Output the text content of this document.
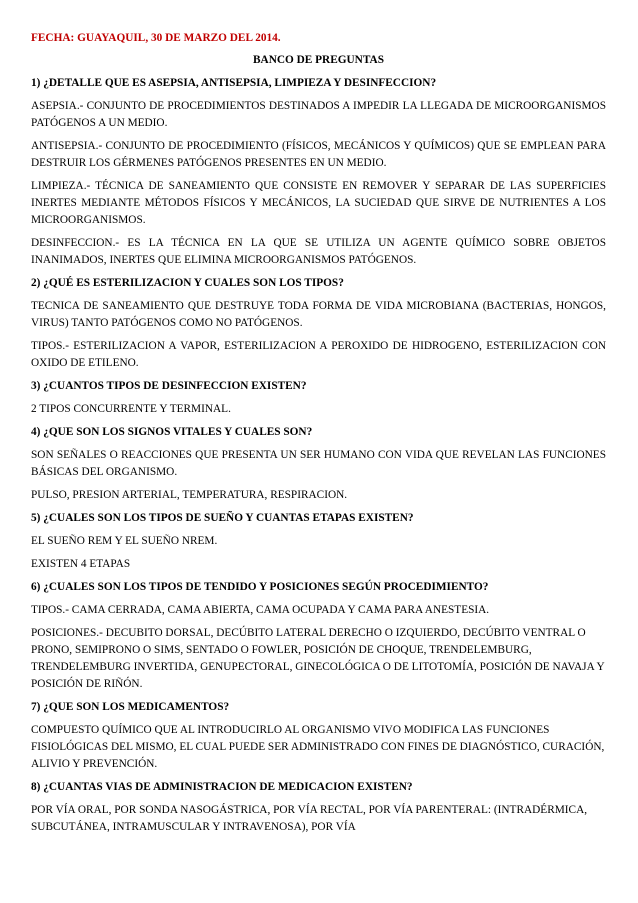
FECHA: GUAYAQUIL, 30 DE MARZO DEL 2014.

BANCO DE PREGUNTAS

1) ¿DETALLE QUE ES ASEPSIA, ANTISEPSIA, LIMPIEZA Y DESINFECCION?

ASEPSIA.- CONJUNTO DE PROCEDIMIENTOS DESTINADOS A IMPEDIR LA LLEGADA DE MICROORGANISMOS PATÓGENOS A UN MEDIO.

ANTISEPSIA.- CONJUNTO DE PROCEDIMIENTO (FÍSICOS, MECÁNICOS Y QUÍMICOS) QUE SE EMPLEAN PARA DESTRUIR LOS GÉRMENES PATÓGENOS PRESENTES EN UN MEDIO.

LIMPIEZA.- TÉCNICA DE SANEAMIENTO QUE CONSISTE EN REMOVER Y SEPARAR DE LAS SUPERFICIES INERTES MEDIANTE MÉTODOS FÍSICOS Y MECÁNICOS, LA SUCIEDAD QUE SIRVE DE NUTRIENTES A LOS MICROORGANISMOS.

DESINFECCION.- ES LA TÉCNICA EN LA QUE SE UTILIZA UN AGENTE QUÍMICO SOBRE OBJETOS INANIMADOS, INERTES QUE ELIMINA MICROORGANISMOS PATÓGENOS.

2) ¿QUÉ ES ESTERILIZACION Y CUALES SON LOS TIPOS?

TECNICA DE SANEAMIENTO QUE DESTRUYE TODA FORMA DE VIDA MICROBIANA (BACTERIAS, HONGOS, VIRUS) TANTO PATÓGENOS COMO NO PATÓGENOS.

TIPOS.- ESTERILIZACION A VAPOR, ESTERILIZACION A PEROXIDO DE HIDROGENO, ESTERILIZACION CON OXIDO DE ETILENO.

3) ¿CUANTOS TIPOS DE DESINFECCION EXISTEN?

2 TIPOS CONCURRENTE Y TERMINAL.

4) ¿QUE SON LOS SIGNOS VITALES Y CUALES SON?

SON SEÑALES O REACCIONES QUE PRESENTA UN SER HUMANO CON VIDA QUE REVELAN LAS FUNCIONES BÁSICAS DEL ORGANISMO.

PULSO, PRESION ARTERIAL, TEMPERATURA, RESPIRACION.

5) ¿CUALES SON LOS TIPOS DE SUEÑO Y CUANTAS ETAPAS EXISTEN?

EL SUEÑO REM Y EL SUEÑO NREM.

EXISTEN 4 ETAPAS

6) ¿CUALES SON LOS TIPOS DE TENDIDO Y POSICIONES SEGÚN PROCEDIMIENTO?

TIPOS.- CAMA CERRADA, CAMA ABIERTA, CAMA OCUPADA Y CAMA PARA ANESTESIA.

POSICIONES.- DECUBITO DORSAL, DECÚBITO LATERAL DERECHO O IZQUIERDO, DECÚBITO VENTRAL O PRONO, SEMIPRONO O SIMS, SENTADO O FOWLER, POSICIÓN DE CHOQUE, TRENDELEMBURG, TRENDELEMBURG INVERTIDA, GENUPECTORAL, GINECOLÓGICA O DE LITOTOMÍA, POSICIÓN DE NAVAJA Y POSICIÓN DE RIÑÓN.

7) ¿QUE SON LOS MEDICAMENTOS?

COMPUESTO QUÍMICO QUE AL INTRODUCIRLO AL ORGANISMO VIVO MODIFICA LAS FUNCIONES FISIOLÓGICAS DEL MISMO, EL CUAL PUEDE SER ADMINISTRADO CON FINES DE DIAGNÓSTICO, CURACIÓN, ALIVIO Y PREVENCIÓN.

8) ¿CUANTAS VIAS DE ADMINISTRACION DE MEDICACION EXISTEN?

POR VÍA ORAL, POR SONDA NASOGÁSTRICA, POR VÍA RECTAL, POR VÍA PARENTERAL: (INTRADÉRMICA, SUBCUTÁNEA, INTRAMUSCULAR Y INTRAVENOSA), POR VÍA
